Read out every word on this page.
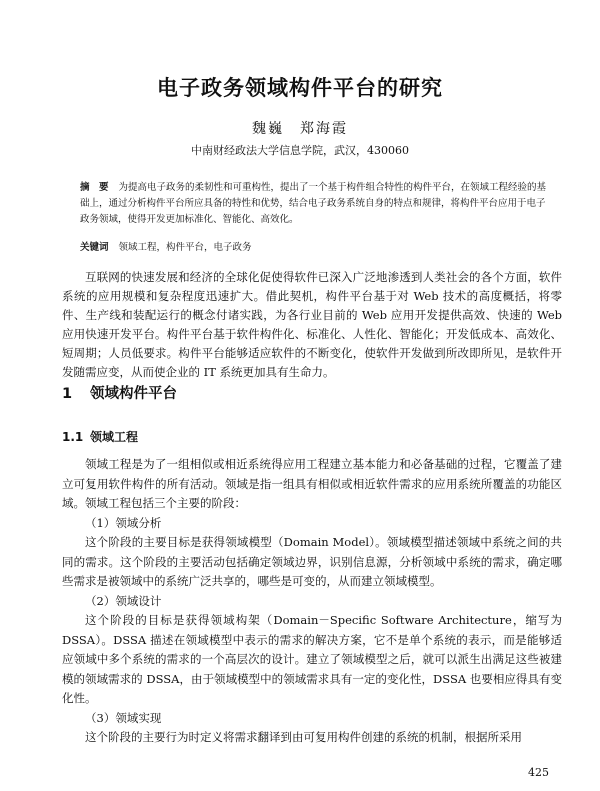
电子政务领域构件平台的研究
魏巍　郑海霞
中南财经政法大学信息学院，武汉，430060
摘　要 为提高电子政务的柔韧性和可重构性，提出了一个基于构件组合特性的构件平台，在领域工程经验的基础上，通过分析构件平台所应具备的特性和优势，结合电子政务系统自身的特点和规律，将构件平台应用于电子政务领域，使得开发更加标准化、智能化、高效化。
关键词 领域工程，构件平台，电子政务
互联网的快速发展和经济的全球化促使得软件已深入广泛地渗透到人类社会的各个方面，软件系统的应用规模和复杂程度迅速扩大。借此契机，构件平台基于对 Web 技术的高度概括，将零件、生产线和装配运行的概念付诸实践，为各行业目前的 Web 应用开发提供高效、快速的 Web 应用快速开发平台。构件平台基于软件构件化、标准化、人性化、智能化；开发低成本、高效化、短周期；人员低要求。构件平台能够适应软件的不断变化，使软件开发做到所改即所见，是软件开发随需应变，从而使企业的 IT 系统更加具有生命力。
1 领域构件平台
1.1 领域工程

领域工程是为了一组相似或相近系统得应用工程建立基本能力和必备基础的过程，它覆盖了建立可复用软件构件的所有活动。领域是指一组具有相似或相近软件需求的应用系统所覆盖的功能区域。领域工程包括三个主要的阶段：

（1）领域分析

这个阶段的主要目标是获得领域模型（Domain Model）。领域模型描述领域中系统之间的共同的需求。这个阶段的主要活动包括确定领域边界，识别信息源，分析领域中系统的需求，确定哪些需求是被领域中的系统广泛共享的，哪些是可变的，从而建立领域模型。

（2）领域设计

这个阶段的目标是获得领域构架（Domain－Specific Software Architecture，缩写为 DSSA）。DSSA 描述在领域模型中表示的需求的解决方案，它不是单个系统的表示，而是能够适应领域中多个系统的需求的一个高层次的设计。建立了领域模型之后，就可以派生出满足这些被建模的领域需求的 DSSA，由于领域模型中的领域需求具有一定的变化性，DSSA 也要相应得具有变化性。

（3）领域实现

这个阶段的主要行为时定义将需求翻译到由可复用构件创建的系统的机制，根据所采用

425
